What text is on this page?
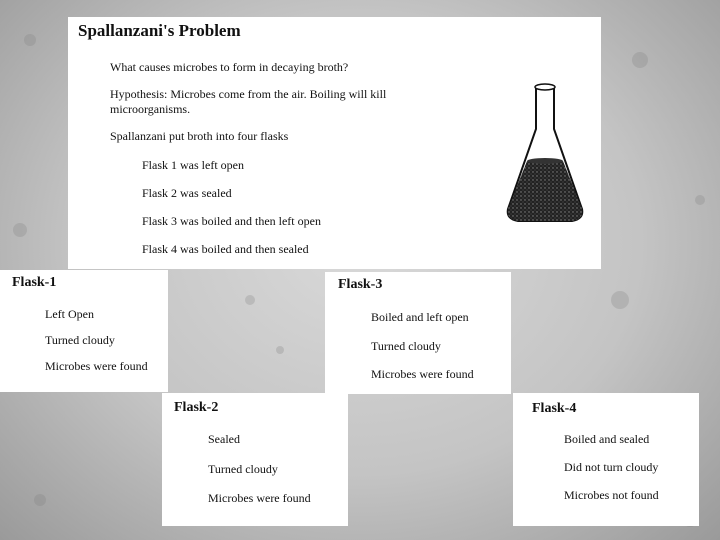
Spallanzani's Problem
What causes microbes to form in decaying broth?
Hypothesis: Microbes come from the air. Boiling will kill
microorganisms.
Spallanzani put broth into four flasks
Flask 1 was left open
Flask 2 was sealed
Flask 3 was boiled and then left open
Flask 4 was boiled and then sealed
Flask-1
Left Open
Turned cloudy
Microbes were found
Flask-3
Boiled and left open
Turned cloudy
Microbes were found
Flask-2
Sealed
Turned cloudy
Microbes were found
Flask-4
Boiled and sealed
Did not turn cloudy
Microbes not found
